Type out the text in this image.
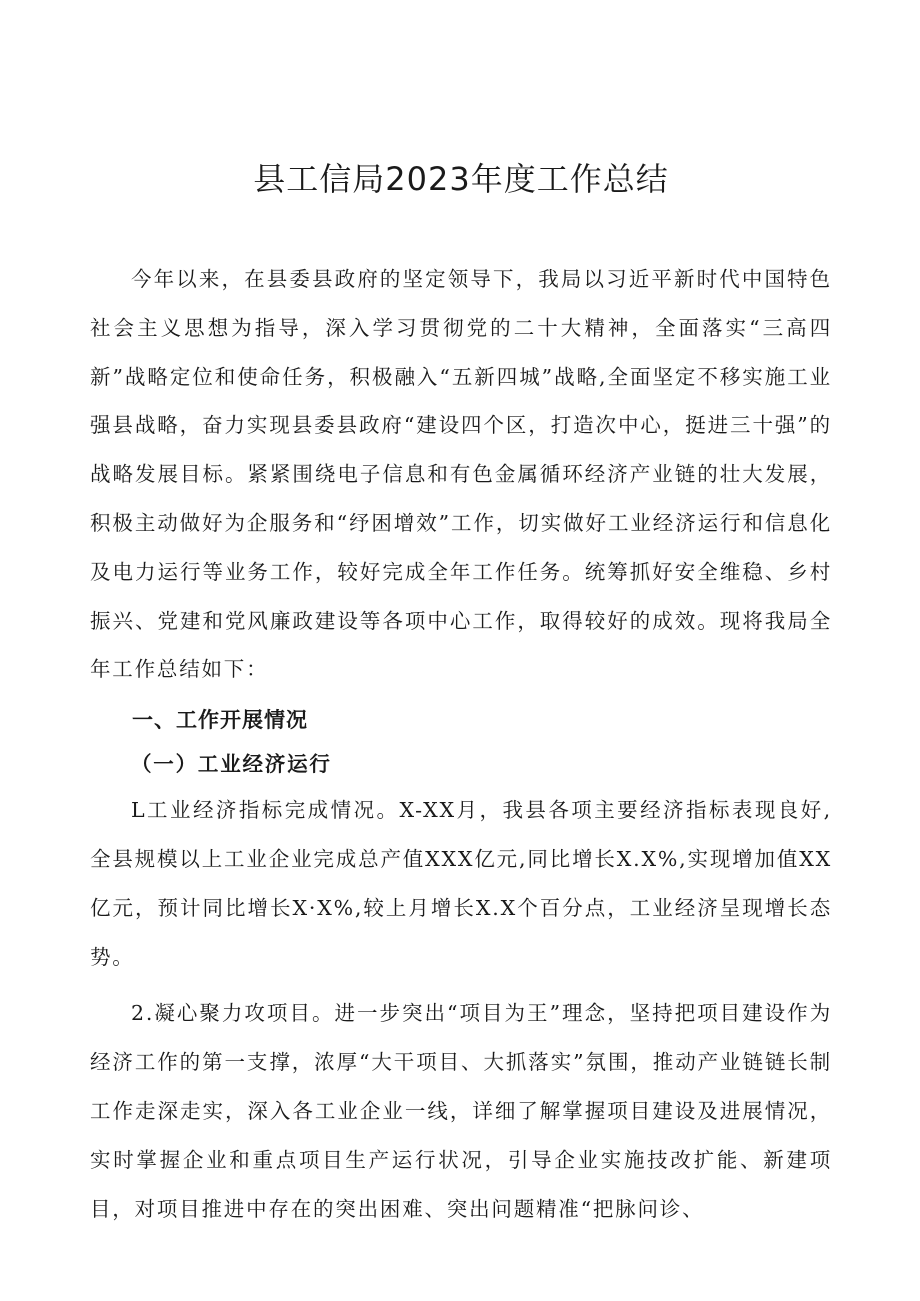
县工信局2023年度工作总结

今年以来，在县委县政府的坚定领导下，我局以习近平新时代中国特色社会主义思想为指导，深入学习贯彻党的二十大精神，全面落实“三高四新”战略定位和使命任务，积极融入“五新四城”战略,全面坚定不移实施工业强县战略，奋力实现县委县政府“建设四个区，打造次中心，挺进三十强”的战略发展目标。紧紧围绕电子信息和有色金属循环经济产业链的壮大发展，积极主动做好为企服务和“纾困增效”工作，切实做好工业经济运行和信息化及电力运行等业务工作，较好完成全年工作任务。统筹抓好安全维稳、乡村振兴、党建和党风廉政建设等各项中心工作，取得较好的成效。现将我局全年工作总结如下：

一、工作开展情况
（一）工业经济运行

L工业经济指标完成情况。X-XX月，我县各项主要经济指标表现良好,全县规模以上工业企业完成总产值XXX亿元,同比增长X.X%,实现增加值XX亿元，预计同比增长X·X%,较上月增长X.X个百分点，工业经济呈现增长态势。

2.凝心聚力攻项目。进一步突出“项目为王”理念，坚持把项目建设作为经济工作的第一支撑，浓厚“大干项目、大抓落实”氛围，推动产业链链长制工作走深走实，深入各工业企业一线，详细了解掌握项目建设及进展情况，实时掌握企业和重点项目生产运行状况，引导企业实施技改扩能、新建项目，对项目推进中存在的突出困难、突出问题精准“把脉问诊、
